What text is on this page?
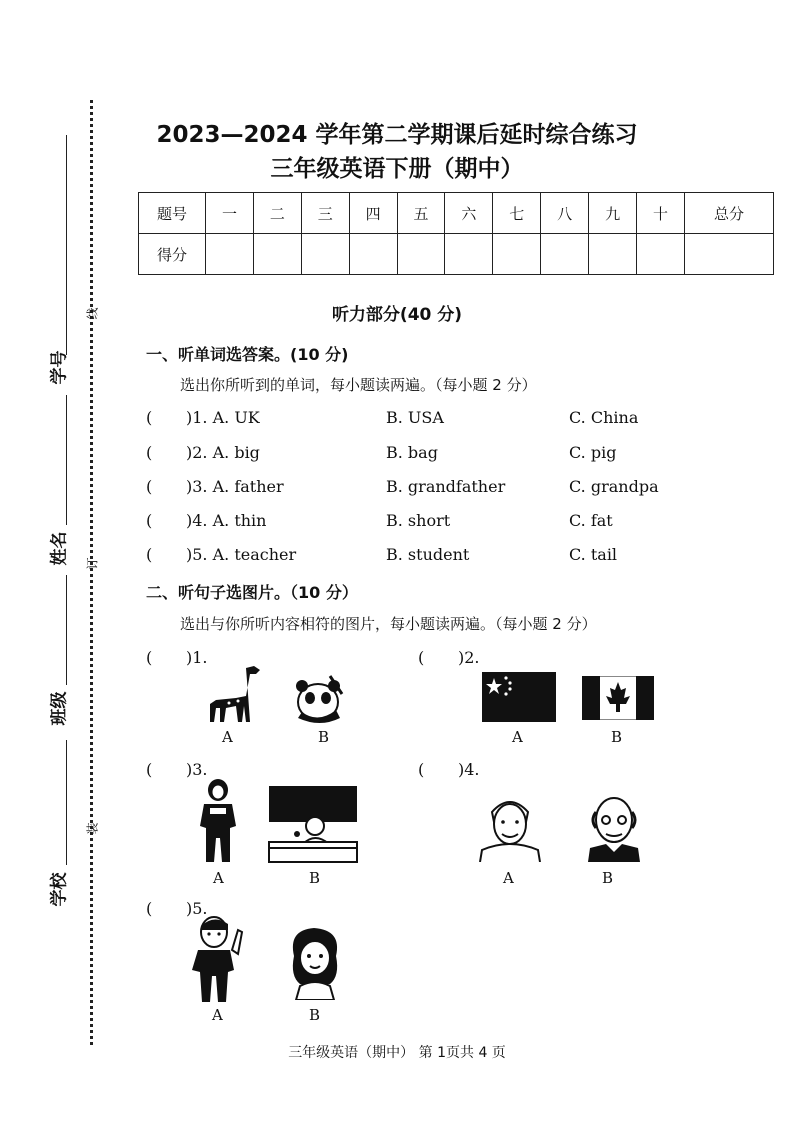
学号
姓名
班级
学校
线
订
装
2023—2024 学年第二学期课后延时综合练习
三年级英语下册（期中）
题号	一	二	三	四	五	六	七	八	九	十	总分
得分											
听力部分(40 分)
一、听单词选答案。(10 分)
选出你所听到的单词，每小题读两遍。（每小题 2 分）
( )1. A. UK	B. USA	C. China
( )2. A. big	B. bag	C. pig
( )3. A. father	B. grandfather	C. grandpa
( )4. A. thin	B. short	C. fat
( )5. A. teacher	B. student	C. tail
二、听句子选图片。（10 分）
选出与你所听内容相符的图片，每小题读两遍。（每小题 2 分）
( )1.
A	B
( )2.
A	B
( )3.
A	B
( )4.
A	B
( )5.
A	B
三年级英语（期中） 第 1页共 4 页
